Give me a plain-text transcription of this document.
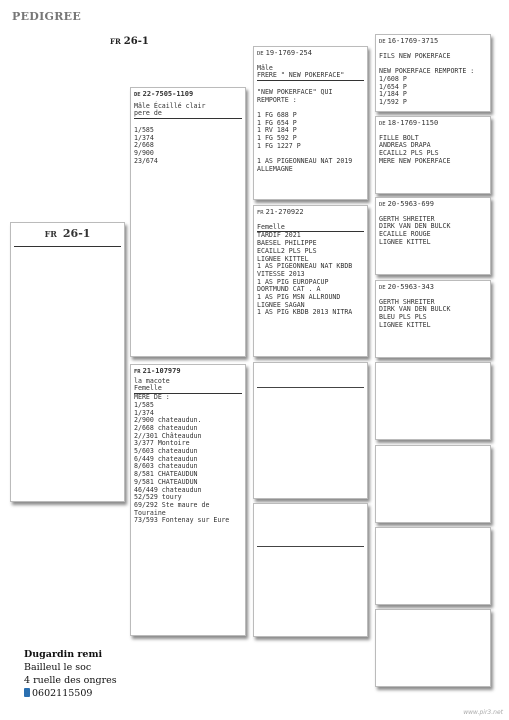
PEDIGREE
FR 26-1
FR 26-1
DE 22-7505-1109
Mâle Écaillé clair
pere de
1/585
1/374
2/668
9/900
23/674
FR 21-107979
la macote
Femelle
MERE DE :
1/585
1/374
2/900 chateaudun.
2/668 chateaudun
2//301 Châteaudun
3/377 Montoire
5/603 chateaudun
6/449 chateaudun
8/603 chateaudun
8/581 CHATEAUDUN
9/581 CHATEAUDUN
46/449 chateaudun
52/529 toury
69/292 Ste maure de
Touraine
73/593 Fontenay sur Eure
DE 19-1769-254
Mâle
FRERE " NEW POKERFACE"
"NEW POKERFACE" QUI
REMPORTE :
1 FG 688 P
1 FG 654 P
1 RV 184 P
1 FG 592 P
1 FG 1227 P
1 AS PIGEONNEAU NAT 2019
ALLEMAGNE
FR 21-270922
Femelle
TARDIF 2021
BAESEL PHILIPPE
ECAILL2 PLS PLS
LIGNEE KITTEL
1 AS PIGEONNEAU NAT KBDB
VITESSE 2013
1 AS PIG EUROPACUP
DORTMUND CAT . A
1 AS PIG MSN ALLROUND
LIGNEE SAGAN
1 AS PIG KBDB 2013 NITRA
DE 16-1769-3715
FILS NEW POKERFACE
NEW POKERFACE REMPORTE :
1/608 P
1/654 P
1/184 P
1/592 P
DE 18-1769-1150
FILLE BOLT
ANDREAS DRAPA
ECAILL2 PLS PLS
MERE NEW POKERFACE
DE 20-5963-699
GERTH SHREITER
DIRK VAN DEN BULCK
ECAILLE ROUGE
LIGNEE KITTEL
DE 20-5963-343
GERTH SHREITER
DIRK VAN DEN BULCK
BLEU PLS PLS
LIGNEE KITTEL
Dugardin remi
Bailleul le soc
4 ruelle des ongres
0602115509
www.pir3.net
